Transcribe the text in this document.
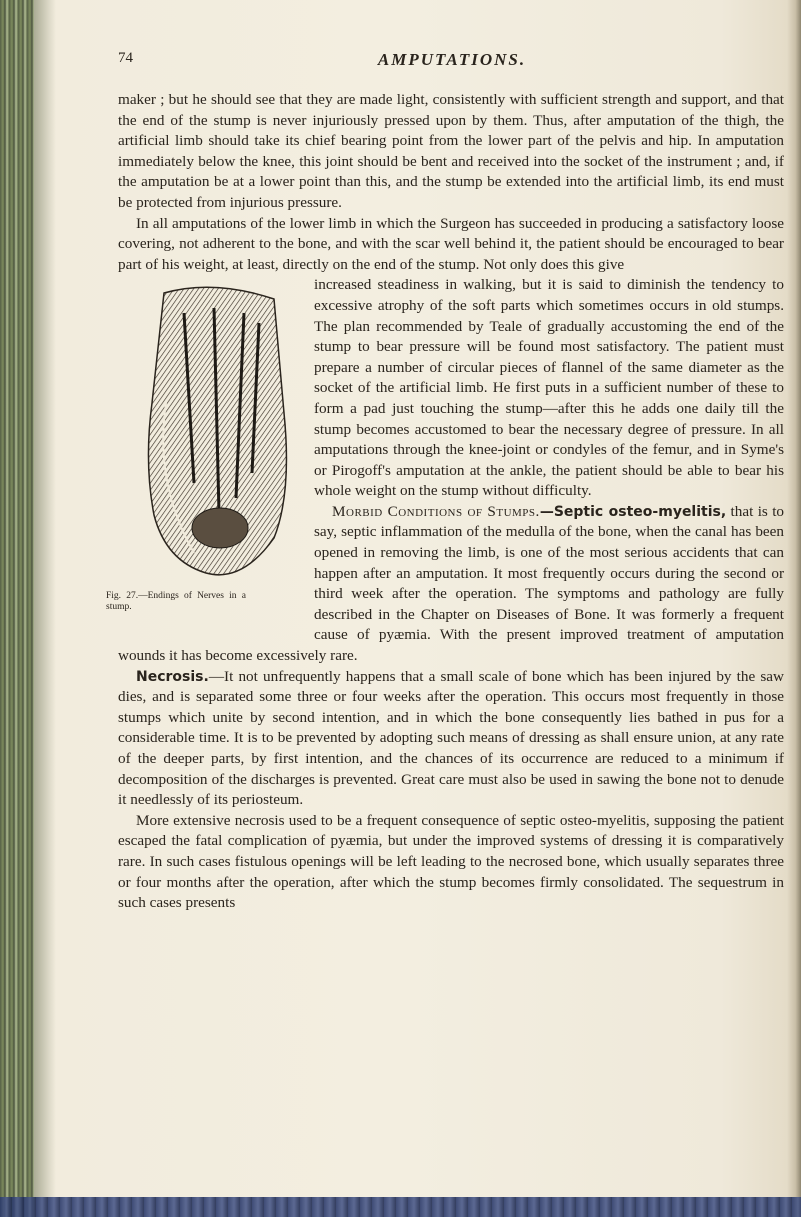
74	AMPUTATIONS.

maker ; but he should see that they are made light, consistently with sufficient strength and support, and that the end of the stump is never injuriously pressed upon by them. Thus, after amputation of the thigh, the artificial limb should take its chief bearing point from the lower part of the pelvis and hip. In amputation immediately below the knee, this joint should be bent and received into the socket of the instrument ; and, if the amputation be at a lower point than this, and the stump be extended into the artificial limb, its end must be protected from injurious pressure.

In all amputations of the lower limb in which the Surgeon has succeeded in producing a satisfactory loose covering, not adherent to the bone, and with the scar well behind it, the patient should be encouraged to bear part of his weight, at least, directly on the end of the stump. Not only does this give

Fig. 27.—Endings of Nerves in a stump.

increased steadiness in walking, but it is said to diminish the tendency to excessive atrophy of the soft parts which sometimes occurs in old stumps. The plan recommended by Teale of gradually accustoming the end of the stump to bear pressure will be found most satisfactory. The patient must prepare a number of circular pieces of flannel of the same diameter as the socket of the artificial limb. He first puts in a sufficient number of these to form a pad just touching the stump—after this he adds one daily till the stump becomes accustomed to bear the necessary degree of pressure. In all amputations through the knee-joint or condyles of the femur, and in Syme's or Pirogoff's amputation at the ankle, the patient should be able to bear his whole weight on the stump without difficulty.

Morbid Conditions of Stumps.—Septic osteo-myelitis, that is to say, septic inflammation of the medulla of the bone, when the canal has been opened in removing the limb, is one of the most serious accidents that can happen after an amputation. It most frequently occurs during the second or third week after the operation. The symptoms and pathology are fully described in the Chapter on Diseases of Bone. It was formerly a frequent cause of pyæmia. With the present improved treatment of amputation wounds it has become excessively rare.

Necrosis.—It not unfrequently happens that a small scale of bone which has been injured by the saw dies, and is separated some three or four weeks after the operation. This occurs most frequently in those stumps which unite by second intention, and in which the bone consequently lies bathed in pus for a considerable time. It is to be prevented by adopting such means of dressing as shall ensure union, at any rate of the deeper parts, by first intention, and the chances of its occurrence are reduced to a minimum if decomposition of the discharges is prevented. Great care must also be used in sawing the bone not to denude it needlessly of its periosteum.

More extensive necrosis used to be a frequent consequence of septic osteo-myelitis, supposing the patient escaped the fatal complication of pyæmia, but under the improved systems of dressing it is comparatively rare. In such cases fistulous openings will be left leading to the necrosed bone, which usually separates three or four months after the operation, after which the stump becomes firmly consolidated. The sequestrum in such cases presents
